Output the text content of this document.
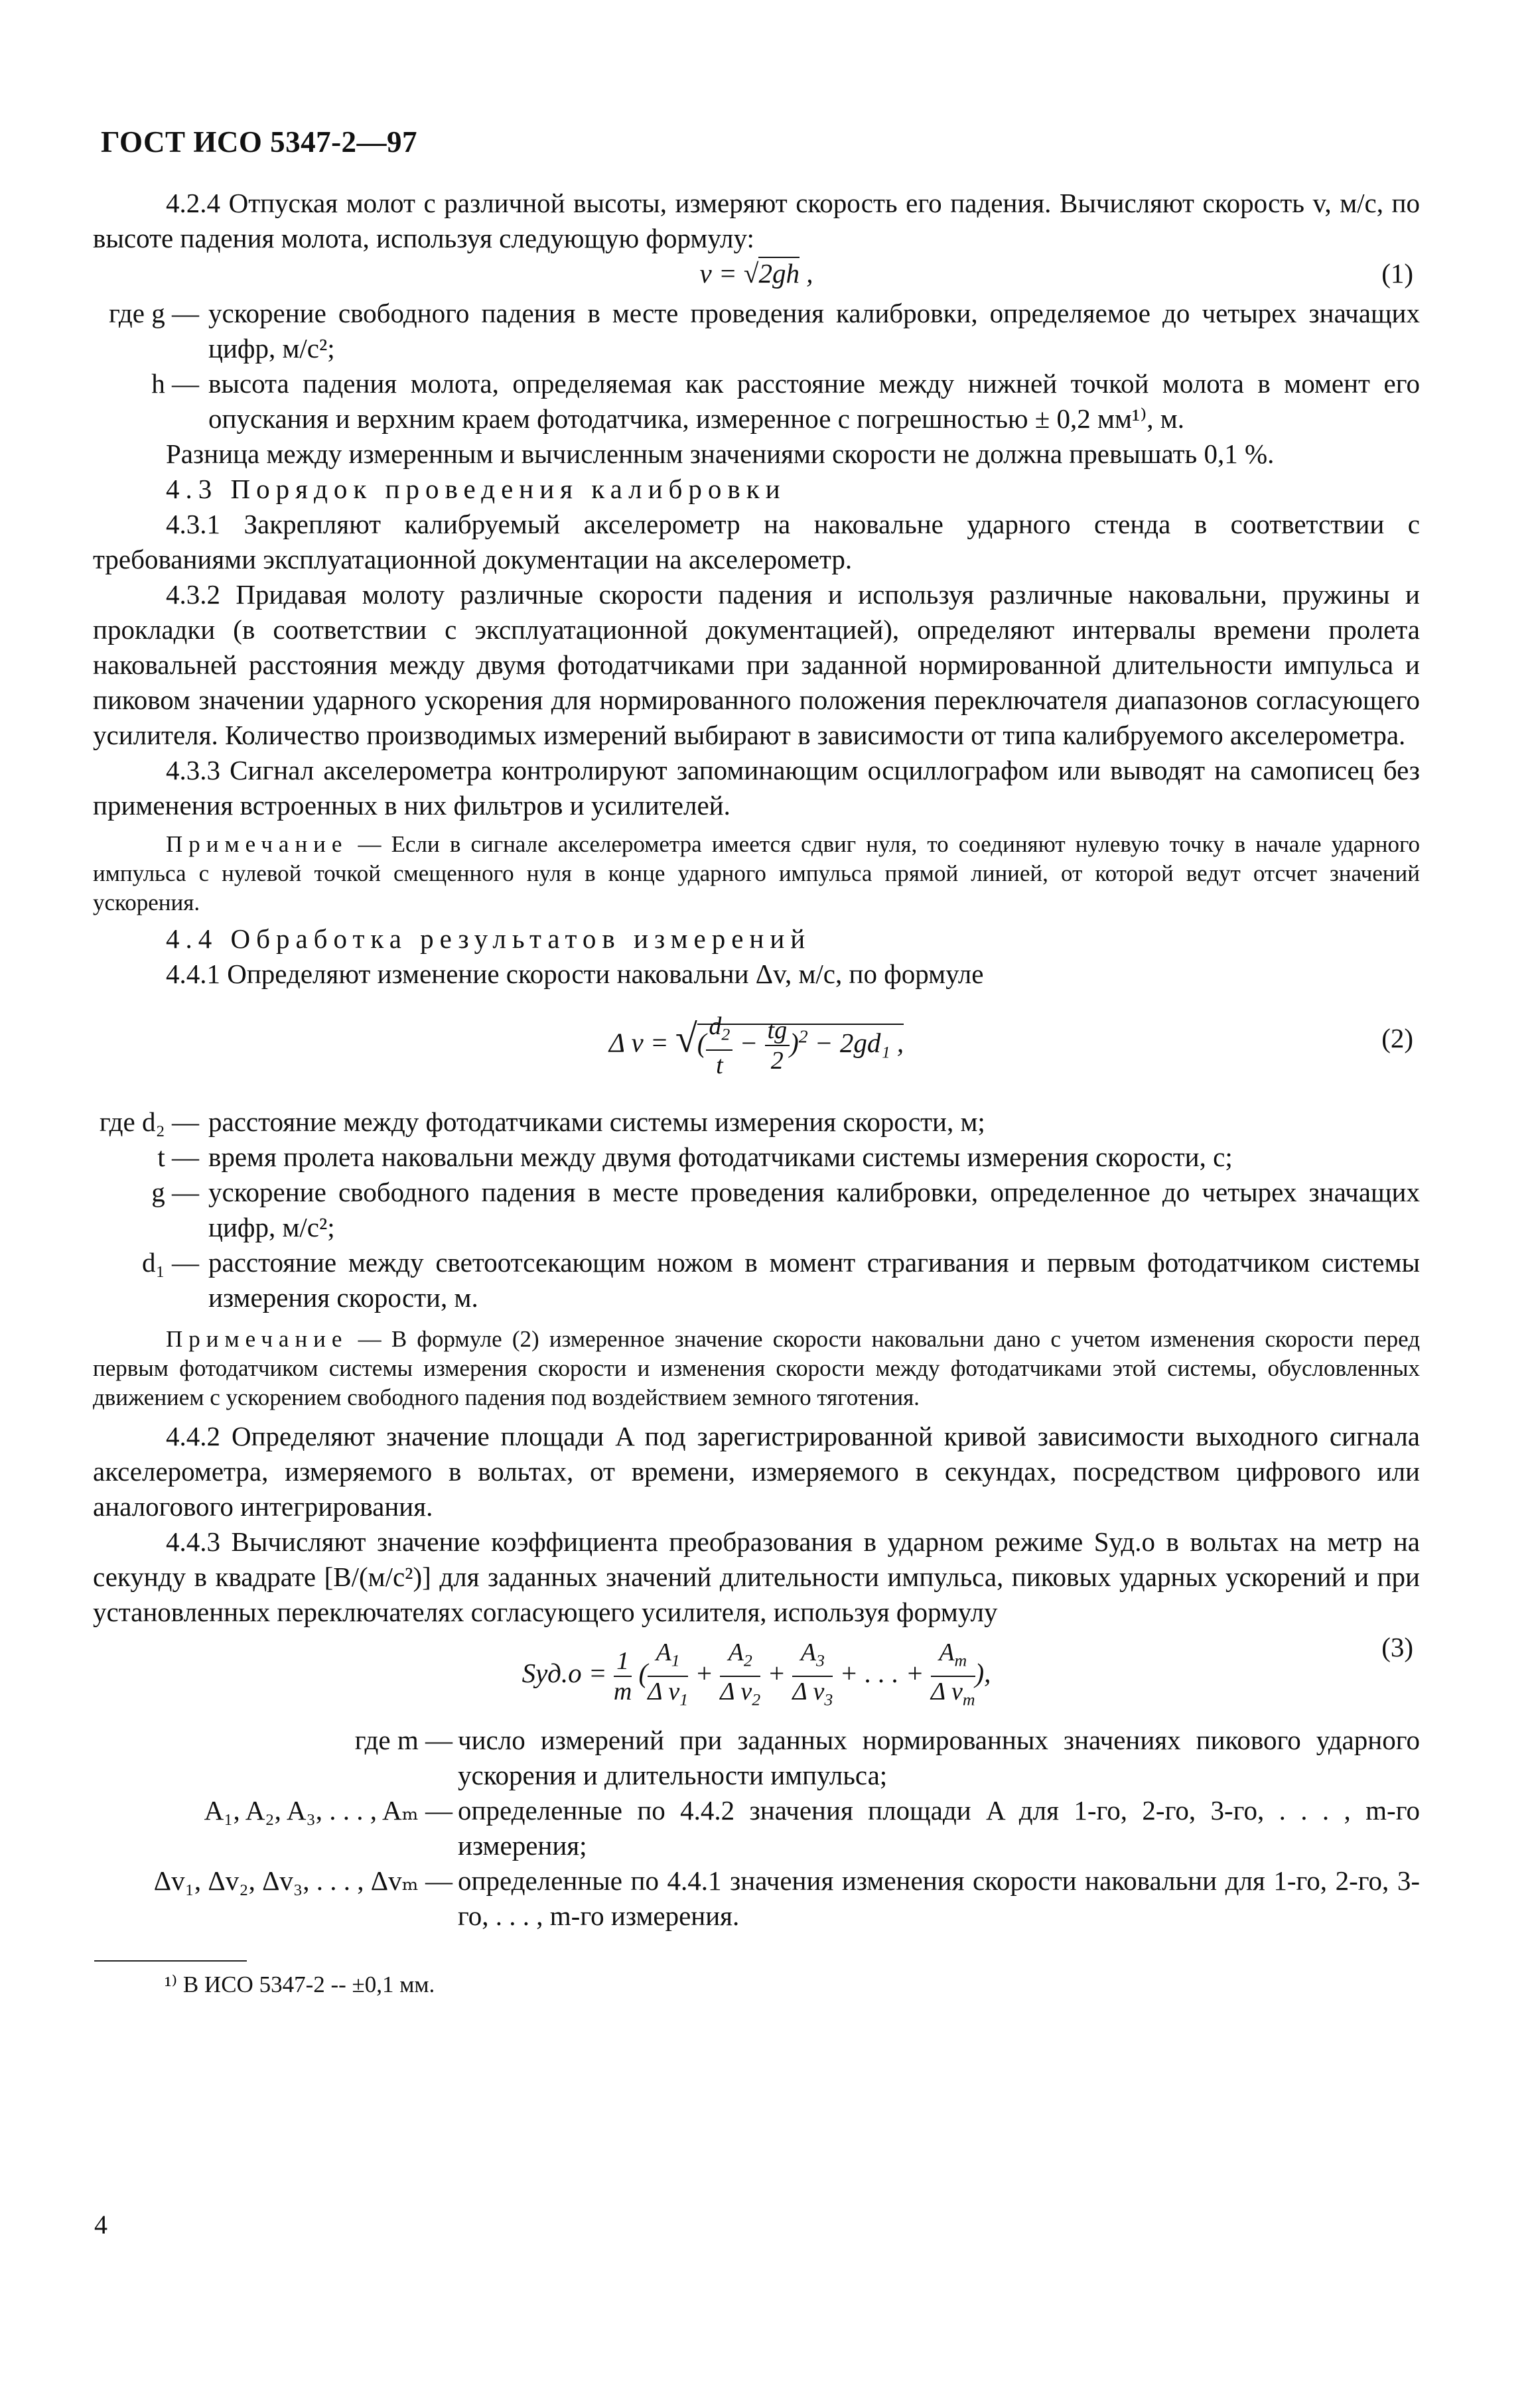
ГОСТ ИСО 5347-2—97

4.2.4 Отпуская молот с различной высоты, измеряют скорость его падения. Вычисляют скорость v, м/с, по высоте падения молота, используя следующую формулу:

v = √2gh ,	(1)
где g — ускорение свободного падения в месте проведения калибровки, определяемое до четырех значащих цифр, м/с²;
h — высота падения молота, определяемая как расстояние между нижней точкой молота в момент его опускания и верхним краем фотодатчика, измеренное с погрешностью ± 0,2 мм¹⁾, м.

Разница между измеренным и вычисленным значениями скорости не должна превышать 0,1 %.

4.3 Порядок проведения калибровки

4.3.1 Закрепляют калибруемый акселерометр на наковальне ударного стенда в соответствии с требованиями эксплуатационной документации на акселерометр.

4.3.2 Придавая молоту различные скорости падения и используя различные наковальни, пружины и прокладки (в соответствии с эксплуатационной документацией), определяют интервалы времени пролета наковальней расстояния между двумя фотодатчиками при заданной нормированной длительности импульса и пиковом значении ударного ускорения для нормированного положения переключателя диапазонов согласующего усилителя. Количество производимых измерений выбирают в зависимости от типа калибруемого акселерометра.

4.3.3 Сигнал акселерометра контролируют запоминающим осциллографом или выводят на самописец без применения встроенных в них фильтров и усилителей.

Примечание — Если в сигнале акселерометра имеется сдвиг нуля, то соединяют нулевую точку в начале ударного импульса с нулевой точкой смещенного нуля в конце ударного импульса прямой линией, от которой ведут отсчет значений ускорения.

4.4 Обработка результатов измерений

4.4.1 Определяют изменение скорости наковальни Δv, м/с, по формуле

Δ v = √( $\frac{d_2}{t} - \frac{tg}{2} )^2 - 2gd_1$ ,	(2)
где d₂ — расстояние между фотодатчиками системы измерения скорости, м;
t — время пролета наковальни между двумя фотодатчиками системы измерения скорости, с;
g — ускорение свободного падения в месте проведения калибровки, определенное до четырех значащих цифр, м/с²;
d₁ — расстояние между светоотсекающим ножом в момент страгивания и первым фотодатчиком системы измерения скорости, м.

Примечание — В формуле (2) измеренное значение скорости наковальни дано с учетом изменения скорости перед первым фотодатчиком системы измерения скорости и изменения скорости между фотодатчиками этой системы, обусловленных движением с ускорением свободного падения под воздействием земного тяготения.

4.4.2 Определяют значение площади A под зарегистрированной кривой зависимости выходного сигнала акселерометра, измеряемого в вольтах, от времени, измеряемого в секундах, посредством цифрового или аналогового интегрирования.

4.4.3 Вычисляют значение коэффициента преобразования в ударном режиме Sуд.о в вольтах на метр на секунду в квадрате [В/(м/с²)] для заданных значений длительности импульса, пиковых ударных ускорений и при установленных переключателях согласующего усилителя, используя формулу

$Sуд.о = \frac{1}{m}$ ( $\frac{A_1}{\Delta v_1} + \frac{A_2}{\Delta v_2} + \frac{A_3}{\Delta v_3}$ + . . . + $\frac{A_m}{\Delta v_m}$ ),
(3)
где m — число измерений при заданных нормированных значениях пикового ударного ускорения и длительности импульса;
A₁, A₂, A₃, . . . , Aₘ — определенные по 4.4.2 значения площади A для 1-го, 2-го, 3-го, . . . , m-го измерения;
Δv₁, Δv₂, Δv₃, . . . , Δvₘ — определенные по 4.4.1 значения изменения скорости наковальни для 1-го, 2-го, 3-го, . . . , m-го измерения.
¹⁾ В ИСО 5347-2 -- ±0,1 мм.
4
